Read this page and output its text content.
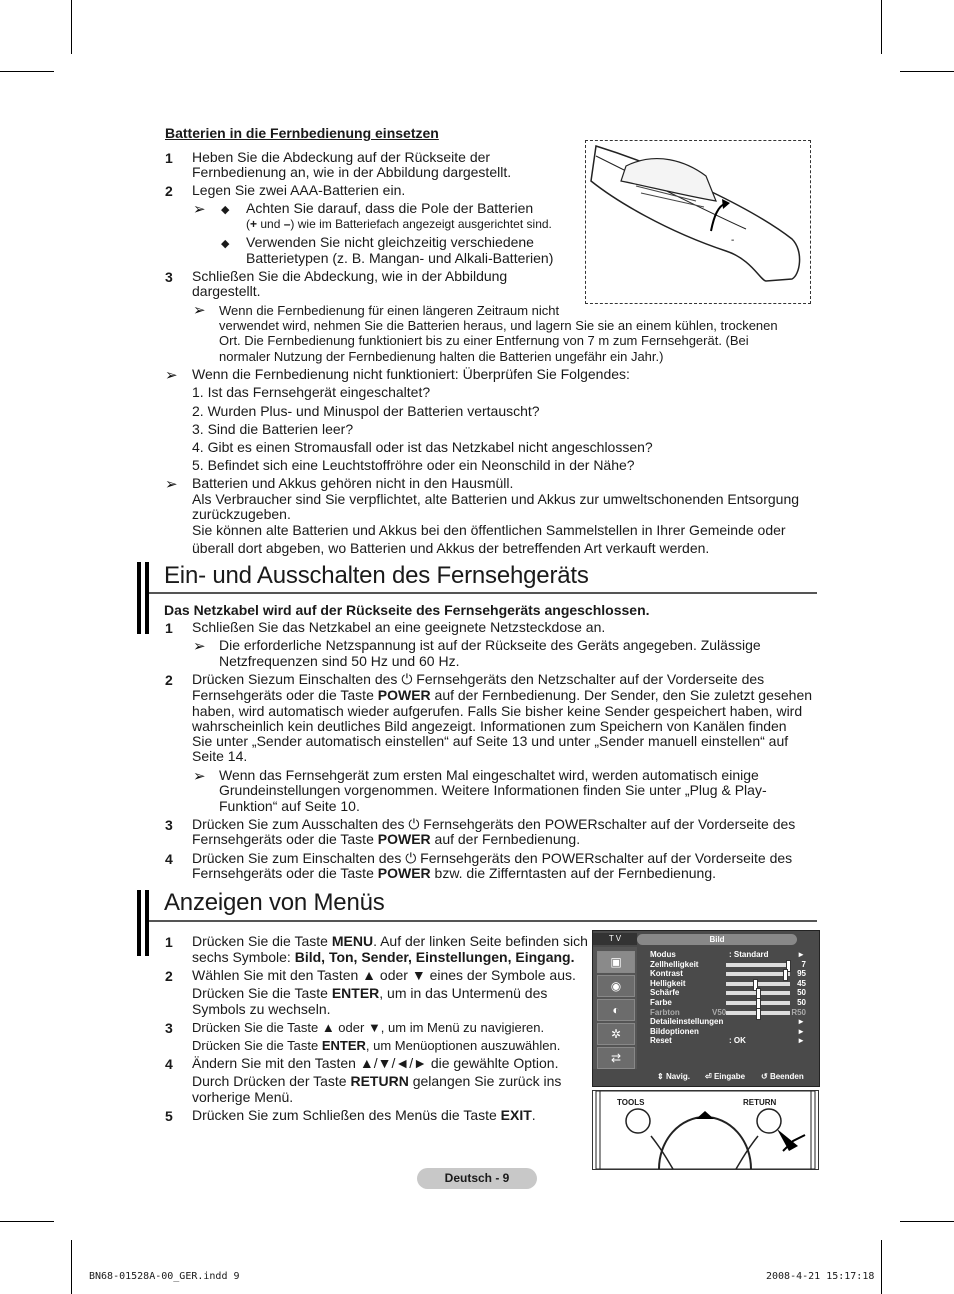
Batterien in die Fernbedienung einsetzen
1 Heben Sie die Abdeckung auf der Rückseite der
Fernbedienung an, wie in der Abbildung dargestellt.
2 Legen Sie zwei AAA-Batterien ein.
➢ ◆ Achten Sie darauf, dass die Pole der Batterien
(+ und –) wie im Batteriefach angezeigt ausgerichtet sind.
◆ Verwenden Sie nicht gleichzeitig verschiedene
Batterietypen (z. B. Mangan- und Alkali-Batterien)
3 Schließen Sie die Abdeckung, wie in der Abbildung
dargestellt.
➢ Wenn die Fernbedienung für einen längeren Zeitraum nicht
verwendet wird, nehmen Sie die Batterien heraus, und lagern Sie sie an einem kühlen, trockenen
Ort. Die Fernbedienung funktioniert bis zu einer Entfernung von 7 m zum Fernsehgerät. (Bei
normaler Nutzung der Fernbedienung halten die Batterien ungefähr ein Jahr.)
➢ Wenn die Fernbedienung nicht funktioniert: Überprüfen Sie Folgendes:
1. Ist das Fernsehgerät eingeschaltet?
2. Wurden Plus- und Minuspol der Batterien vertauscht?
3. Sind die Batterien leer?
4. Gibt es einen Stromausfall oder ist das Netzkabel nicht angeschlossen?
5. Befindet sich eine Leuchtstoffröhre oder ein Neonschild in der Nähe?
➢ Batterien und Akkus gehören nicht in den Hausmüll.
Als Verbraucher sind Sie verpflichtet, alte Batterien und Akkus zur umweltschonenden Entsorgung
zurückzugeben.
Sie können alte Batterien und Akkus bei den öffentlichen Sammelstellen in Ihrer Gemeinde oder
überall dort abgeben, wo Batterien und Akkus der betreffenden Art verkauft werden.
-
Ein- und Ausschalten des Fernsehgeräts
Das Netzkabel wird auf der Rückseite des Fernsehgeräts angeschlossen.
1 Schließen Sie das Netzkabel an eine geeignete Netzsteckdose an.
➢ Die erforderliche Netzspannung ist auf der Rückseite des Geräts angegeben. Zulässige
Netzfrequenzen sind 50 Hz und 60 Hz.
2 Drücken Siezum Einschalten des ⏻ Fernsehgeräts den Netzschalter auf der Vorderseite des
Fernsehgeräts oder die Taste POWER auf der Fernbedienung. Der Sender, den Sie zuletzt gesehen
haben, wird automatisch wieder aufgerufen. Falls Sie bisher keine Sender gespeichert haben, wird
wahrscheinlich kein deutliches Bild angezeigt. Informationen zum Speichern von Kanälen finden
Sie unter „Sender automatisch einstellen“ auf Seite 13 und unter „Sender manuell einstellen“ auf
Seite 14.
➢ Wenn das Fernsehgerät zum ersten Mal eingeschaltet wird, werden automatisch einige
Grundeinstellungen vorgenommen. Weitere Informationen finden Sie unter „Plug & Play-
Funktion“ auf Seite 10.
3 Drücken Sie zum Ausschalten des ⏻ Fernsehgeräts den POWERschalter auf der Vorderseite des
Fernsehgeräts oder die Taste POWER auf der Fernbedienung.
4 Drücken Sie zum Einschalten des ⏻ Fernsehgeräts den POWERschalter auf der Vorderseite des
Fernsehgeräts oder die Taste POWER bzw. die Zifferntasten auf der Fernbedienung.
Anzeigen von Menüs
1 Drücken Sie die Taste MENU. Auf der linken Seite befinden sich
sechs Symbole: Bild, Ton, Sender, Einstellungen, Eingang.
2 Wählen Sie mit den Tasten ▲ oder ▼ eines der Symbole aus.
Drücken Sie die Taste ENTER, um in das Untermenü des
Symbols zu wechseln.
3 Drücken Sie die Taste ▲ oder ▼, um im Menü zu navigieren.
Drücken Sie die Taste ENTER, um Menüoptionen auszuwählen.
4 Ändern Sie mit den Tasten ▲/▼/◄/► die gewählte Option.
Durch Drücken der Taste RETURN gelangen Sie zurück ins
vorherige Menü.
5 Drücken Sie zum Schließen des Menüs die Taste EXIT.
T V	Bild
▣
◉
◐
✲
⇄
Modus	: Standard	►
Zellhelligkeit	7
Kontrast	95
Helligkeit	45
Schärfe	50
Farbe	50
Farbton	V50	R50
Detaileinstellungen	►
Bildoptionen	►
Reset	: OK	►
⇕ Navig. ⏎ Eingabe ↺ Beenden
TOOLS	RETURN
Deutsch - 9
BN68-01528A-00_GER.indd 9	2008-4-21 15:17:18
